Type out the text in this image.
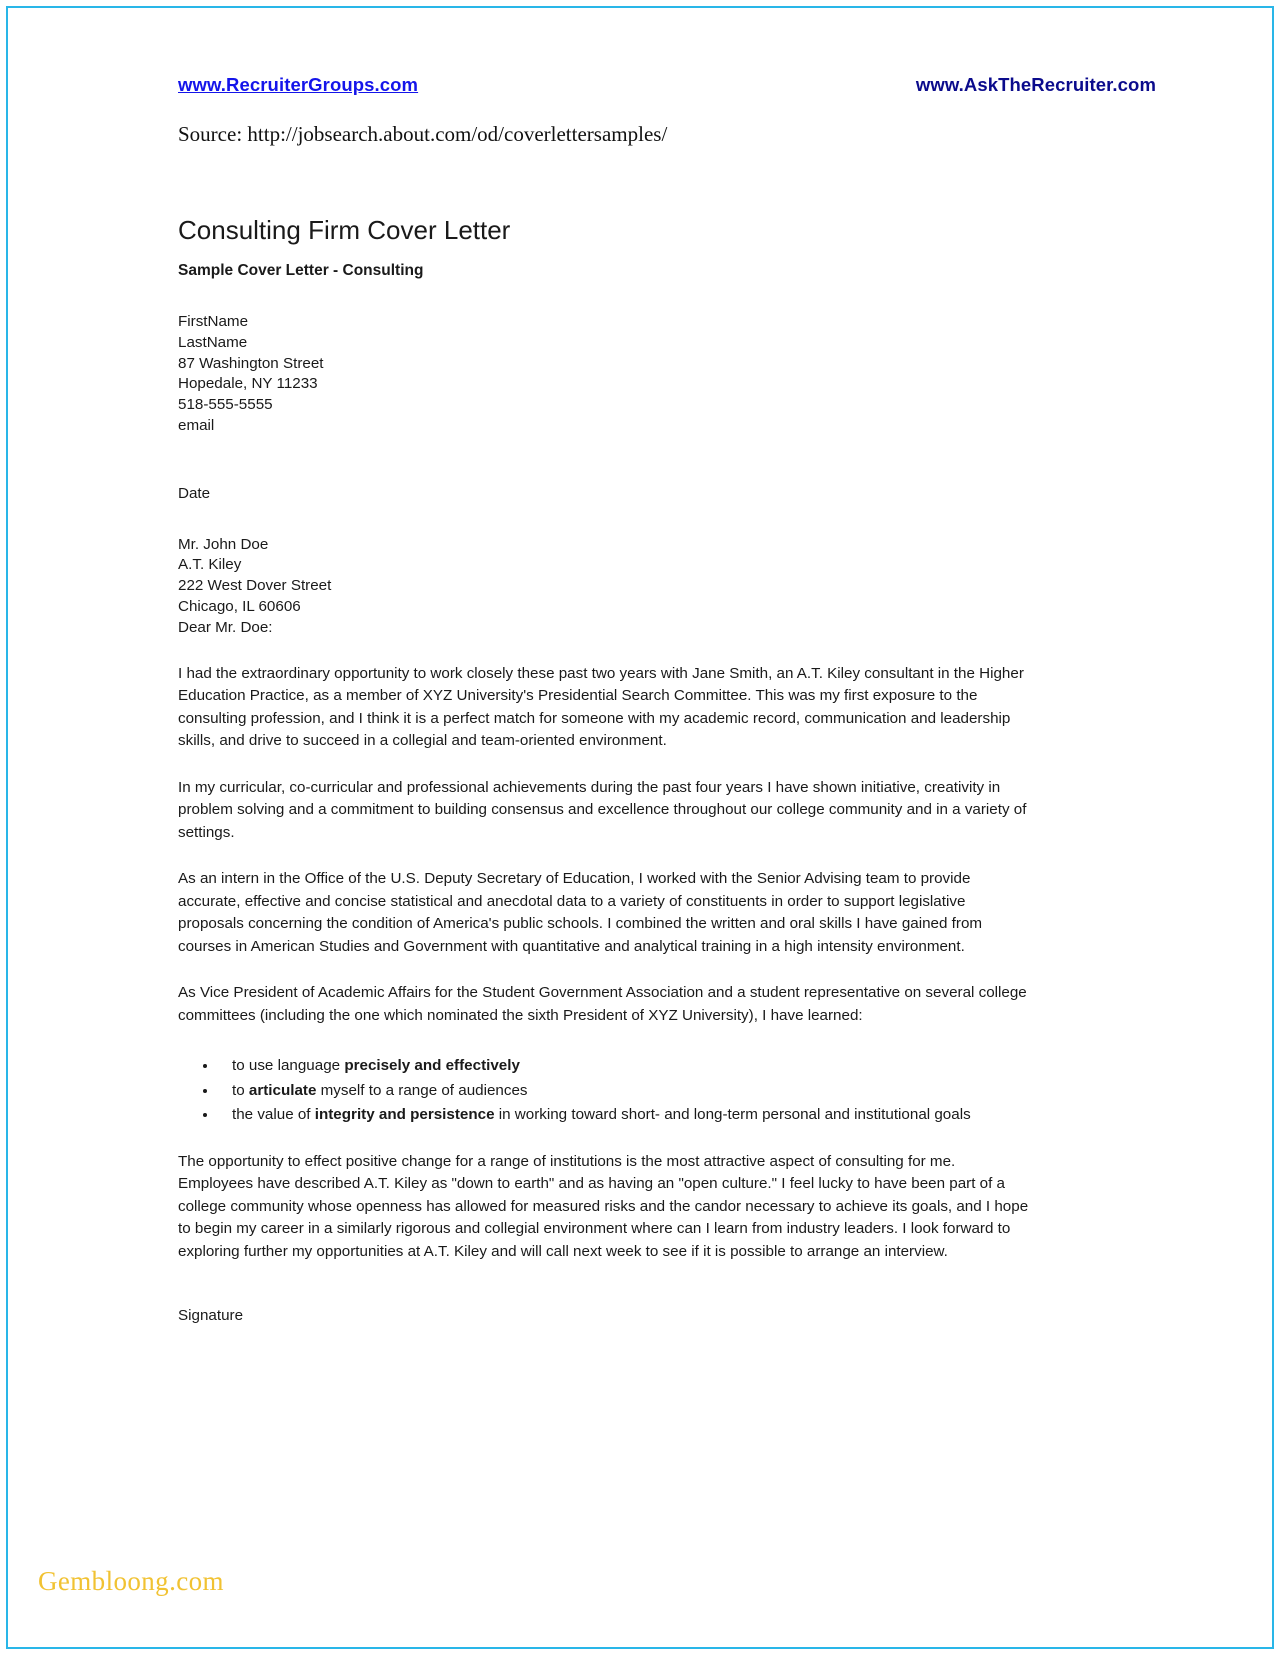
www.RecruiterGroups.com	www.AskTheRecruiter.com
Source: http://jobsearch.about.com/od/coverlettersamples/
Consulting Firm Cover Letter
Sample Cover Letter - Consulting
FirstName
LastName
87 Washington Street
Hopedale, NY 11233
518-555-5555
email
Date
Mr. John Doe
A.T. Kiley
222 West Dover Street
Chicago, IL 60606
Dear Mr. Doe:

I had the extraordinary opportunity to work closely these past two years with Jane Smith, an A.T. Kiley consultant in the Higher Education Practice, as a member of XYZ University's Presidential Search Committee. This was my first exposure to the consulting profession, and I think it is a perfect match for someone with my academic record, communication and leadership skills, and drive to succeed in a collegial and team-oriented environment.

In my curricular, co-curricular and professional achievements during the past four years I have shown initiative, creativity in problem solving and a commitment to building consensus and excellence throughout our college community and in a variety of settings.

As an intern in the Office of the U.S. Deputy Secretary of Education, I worked with the Senior Advising team to provide accurate, effective and concise statistical and anecdotal data to a variety of constituents in order to support legislative proposals concerning the condition of America's public schools. I combined the written and oral skills I have gained from courses in American Studies and Government with quantitative and analytical training in a high intensity environment.

As Vice President of Academic Affairs for the Student Government Association and a student representative on several college committees (including the one which nominated the sixth President of XYZ University), I have learned:

• to use language precisely and effectively
• to articulate myself to a range of audiences
• the value of integrity and persistence in working toward short- and long-term personal and institutional goals

The opportunity to effect positive change for a range of institutions is the most attractive aspect of consulting for me. Employees have described A.T. Kiley as "down to earth" and as having an "open culture." I feel lucky to have been part of a college community whose openness has allowed for measured risks and the candor necessary to achieve its goals, and I hope to begin my career in a similarly rigorous and collegial environment where can I learn from industry leaders. I look forward to exploring further my opportunities at A.T. Kiley and will call next week to see if it is possible to arrange an interview.

Signature
Gembloong.com
